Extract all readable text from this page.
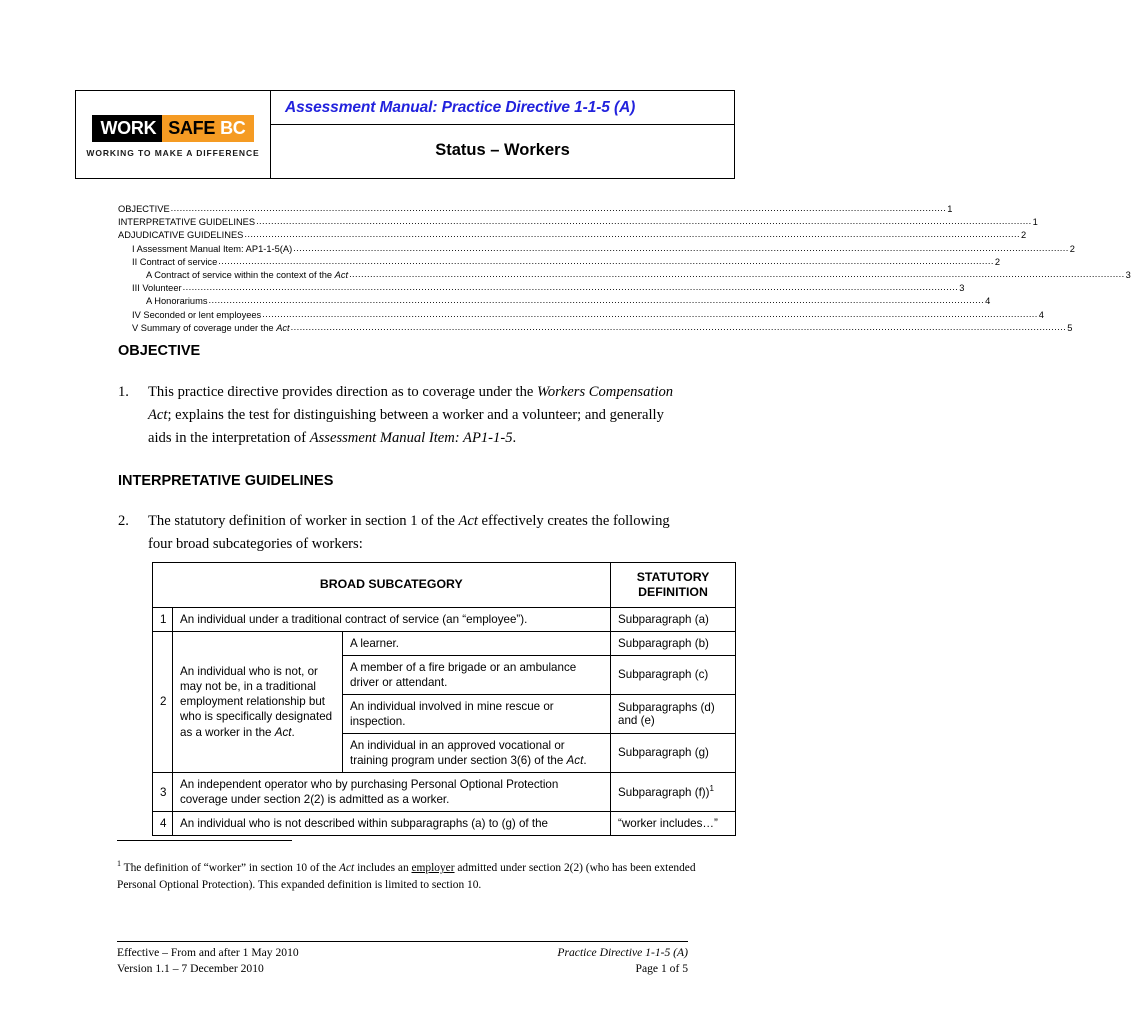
WORK SAFE BC
WORKING TO MAKE A DIFFERENCE
Assessment Manual: Practice Directive 1-1-5 (A)
Status – Workers
OBJECTIVE .................................................................................................................................................................................................................................................................... 1
INTERPRETATIVE GUIDELINES .................................................................................................................................................................................................................................................................... 1
ADJUDICATIVE GUIDELINES .................................................................................................................................................................................................................................................................... 2
I Assessment Manual Item: AP1-1-5(A) .................................................................................................................................................................................................................................................................... 2
II Contract of service .................................................................................................................................................................................................................................................................... 2
A Contract of service within the context of the Act .................................................................................................................................................................................................................................................................... 3
III Volunteer .................................................................................................................................................................................................................................................................... 3
A Honorariums .................................................................................................................................................................................................................................................................... 4
IV Seconded or lent employees .................................................................................................................................................................................................................................................................... 4
V Summary of coverage under the Act .................................................................................................................................................................................................................................................................... 5
OBJECTIVE
1.	This practice directive provides direction as to coverage under the Workers Compensation Act; explains the test for distinguishing between a worker and a volunteer; and generally aids in the interpretation of Assessment Manual Item: AP1-1-5.
INTERPRETATIVE GUIDELINES
2.	The statutory definition of worker in section 1 of the Act effectively creates the following four broad subcategories of workers:
	BROAD SUBCATEGORY		STATUTORY
DEFINITION
1	An individual under a traditional contract of service (an “employee”).		Subparagraph (a)
2	An individual who is not, or may not be, in a traditional employment relationship but who is specifically designated as a worker in the Act.	A learner.	Subparagraph (b)
		A member of a fire brigade or an ambulance driver or attendant.	Subparagraph (c)
		An individual involved in mine rescue or inspection.	Subparagraphs (d) and (e)
		An individual in an approved vocational or training program under section 3(6) of the Act.	Subparagraph (g)
3	An independent operator who by purchasing Personal Optional Protection coverage under section 2(2) is admitted as a worker.		Subparagraph (f))$^1$
4	An individual who is not described within subparagraphs (a) to (g) of the		“worker includes…”
$^1$ The definition of “worker” in section 10 of the Act includes an employer admitted under section 2(2) (who has been extended Personal Optional Protection). This expanded definition is limited to section 10.
Effective – From and after 1 May 2010
Version 1.1 – 7 December 2010
Practice Directive 1-1-5 (A)
Page 1 of 5
